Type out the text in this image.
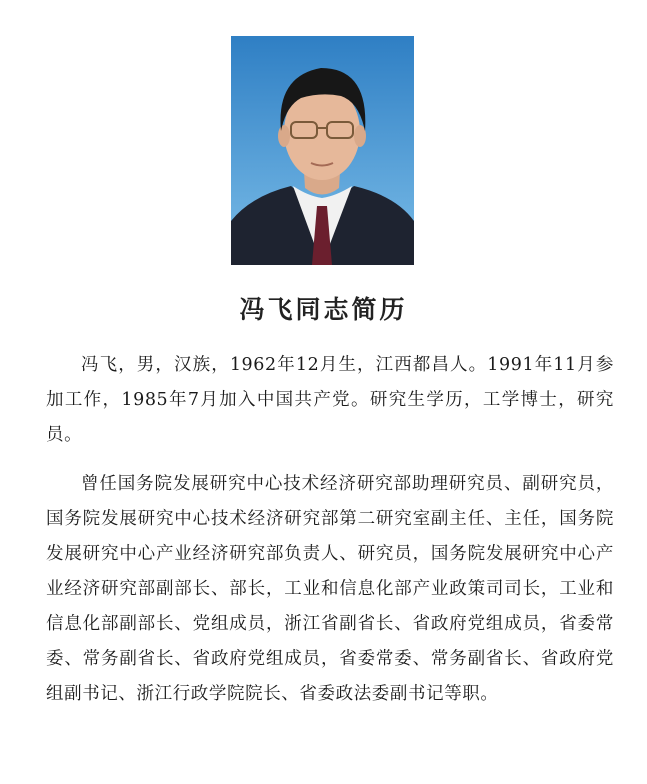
冯飞同志简历
冯飞，男，汉族，1962年12月生，江西都昌人。1991年11月参加工作，1985年7月加入中国共产党。研究生学历，工学博士，研究员。
曾任国务院发展研究中心技术经济研究部助理研究员、副研究员，国务院发展研究中心技术经济研究部第二研究室副主任、主任，国务院发展研究中心产业经济研究部负责人、研究员，国务院发展研究中心产业经济研究部副部长、部长，工业和信息化部产业政策司司长，工业和信息化部副部长、党组成员，浙江省副省长、省政府党组成员，省委常委、常务副省长、省政府党组成员，省委常委、常务副省长、省政府党组副书记、浙江行政学院院长、省委政法委副书记等职。
